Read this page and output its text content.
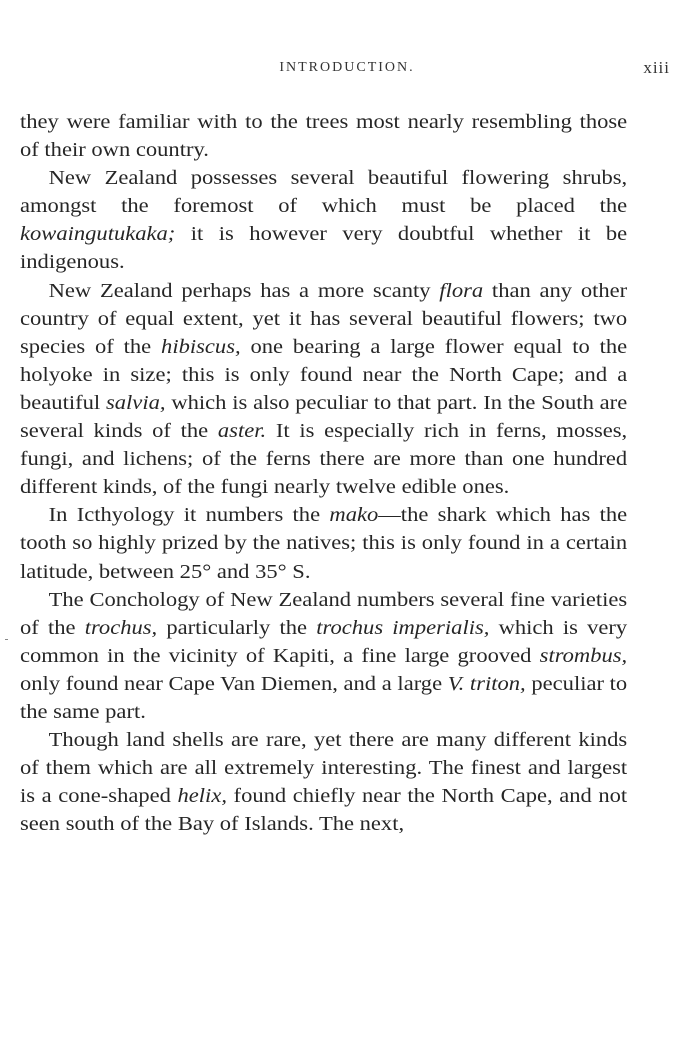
INTRODUCTION.	xiii

they were familiar with to the trees most nearly resembling those of their own country.

New Zealand possesses several beautiful flowering shrubs, amongst the foremost of which must be placed the kowaingutukaka; it is however very doubtful whether it be indigenous.

New Zealand perhaps has a more scanty flora than any other country of equal extent, yet it has several beautiful flowers; two species of the hibiscus, one bearing a large flower equal to the holyoke in size; this is only found near the North Cape; and a beautiful salvia, which is also peculiar to that part. In the South are several kinds of the aster. It is especially rich in ferns, mosses, fungi, and lichens; of the ferns there are more than one hundred different kinds, of the fungi nearly twelve edible ones.

In Icthyology it numbers the mako—the shark which has the tooth so highly prized by the natives; this is only found in a certain latitude, between 25° and 35° S.

The Conchology of New Zealand numbers several fine varieties of the trochus, particularly the trochus imperialis, which is very common in the vicinity of Kapiti, a fine large grooved strombus, only found near Cape Van Diemen, and a large V. triton, peculiar to the same part.

Though land shells are rare, yet there are many different kinds of them which are all extremely interesting. The finest and largest is a cone-shaped helix, found chiefly near the North Cape, and not seen south of the Bay of Islands. The next,
